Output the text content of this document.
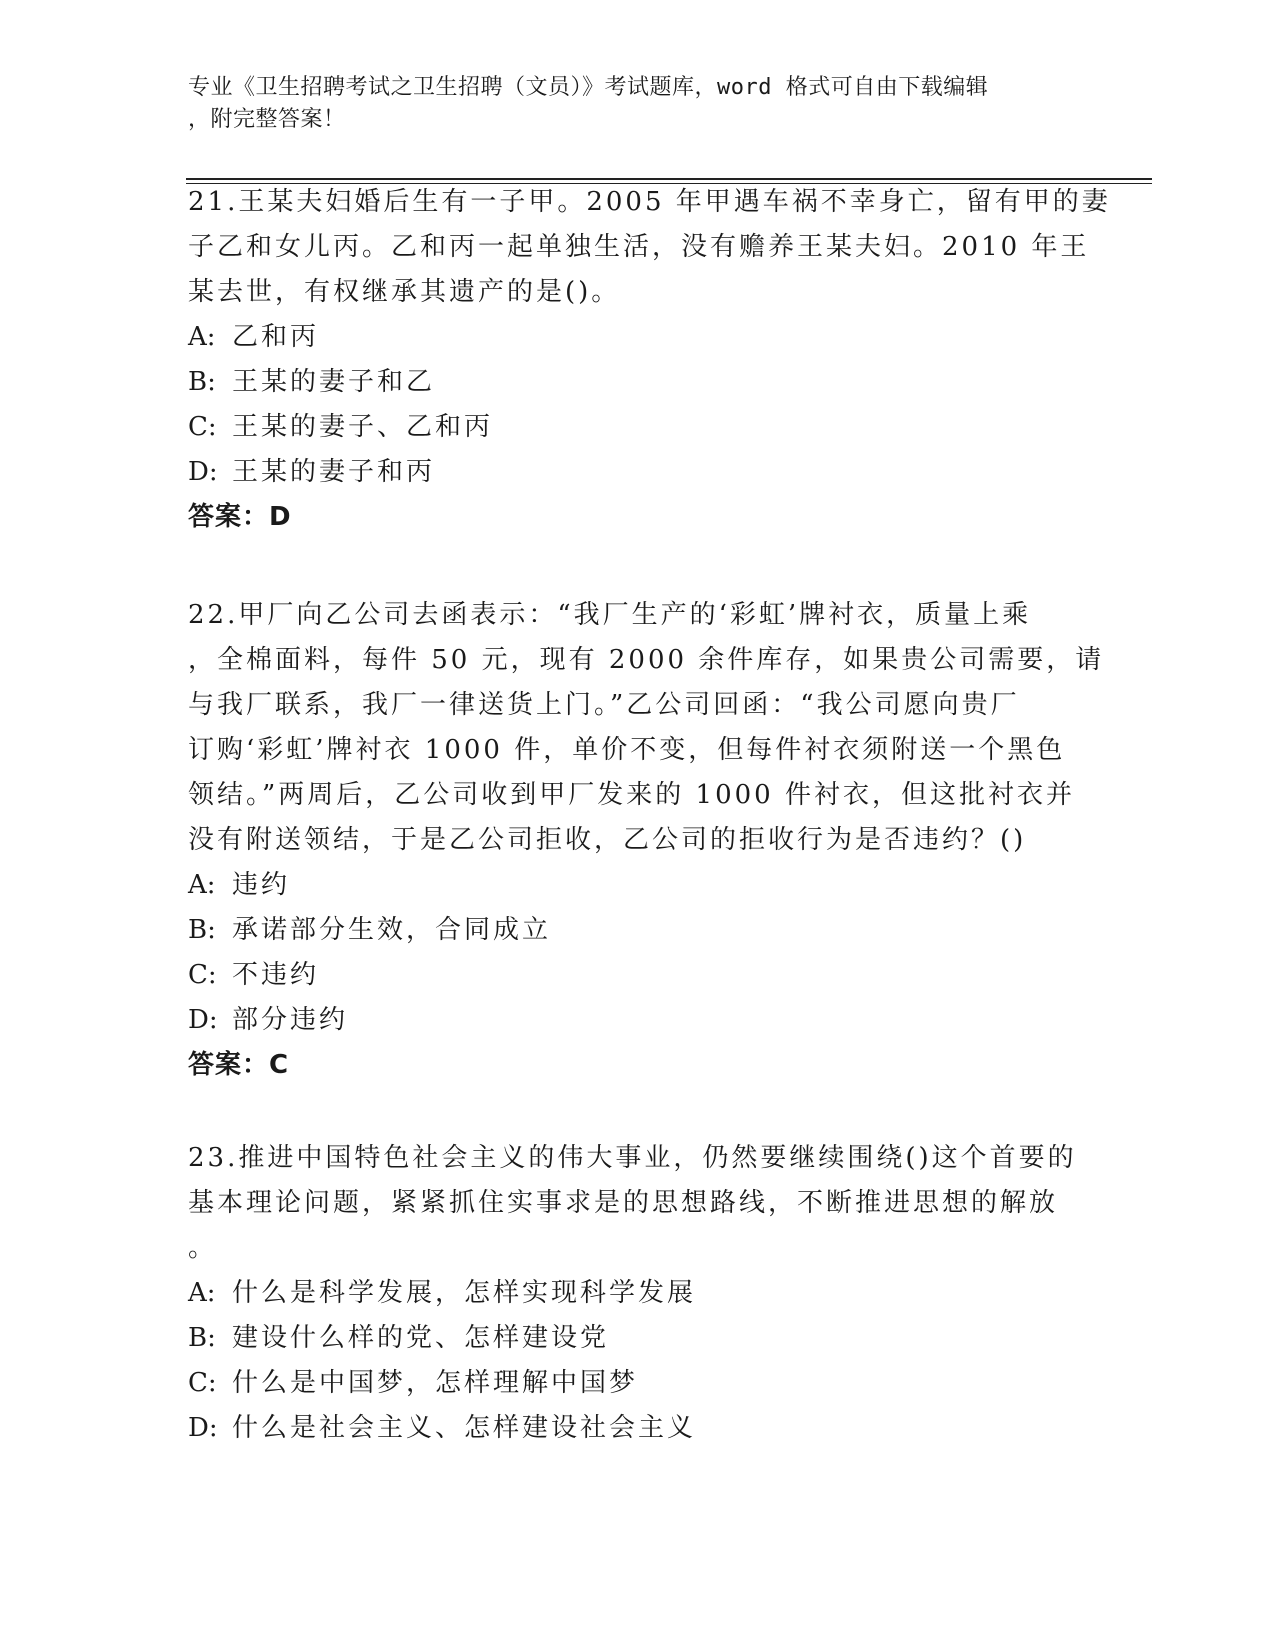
专业《卫生招聘考试之卫生招聘（文员）》考试题库，word 格式可自由下载编辑
，附完整答案！
21.王某夫妇婚后生有一子甲。2005 年甲遇车祸不幸身亡，留有甲的妻
子乙和女儿丙。乙和丙一起单独生活，没有赡养王某夫妇。2010 年王
某去世，有权继承其遗产的是()。
A: 乙和丙
B: 王某的妻子和乙
C: 王某的妻子、乙和丙
D: 王某的妻子和丙
答案：D
22.甲厂向乙公司去函表示：“我厂生产的‘彩虹’牌衬衣，质量上乘
，全棉面料，每件 50 元，现有 2000 余件库存，如果贵公司需要，请
与我厂联系，我厂一律送货上门。”乙公司回函：“我公司愿向贵厂
订购‘彩虹’牌衬衣 1000 件，单价不变，但每件衬衣须附送一个黑色
领结。”两周后，乙公司收到甲厂发来的 1000 件衬衣，但这批衬衣并
没有附送领结，于是乙公司拒收，乙公司的拒收行为是否违约？()
A: 违约
B: 承诺部分生效，合同成立
C: 不违约
D: 部分违约
答案：C
23.推进中国特色社会主义的伟大事业，仍然要继续围绕()这个首要的
基本理论问题，紧紧抓住实事求是的思想路线，不断推进思想的解放
。
A: 什么是科学发展，怎样实现科学发展
B: 建设什么样的党、怎样建设党
C: 什么是中国梦，怎样理解中国梦
D: 什么是社会主义、怎样建设社会主义
